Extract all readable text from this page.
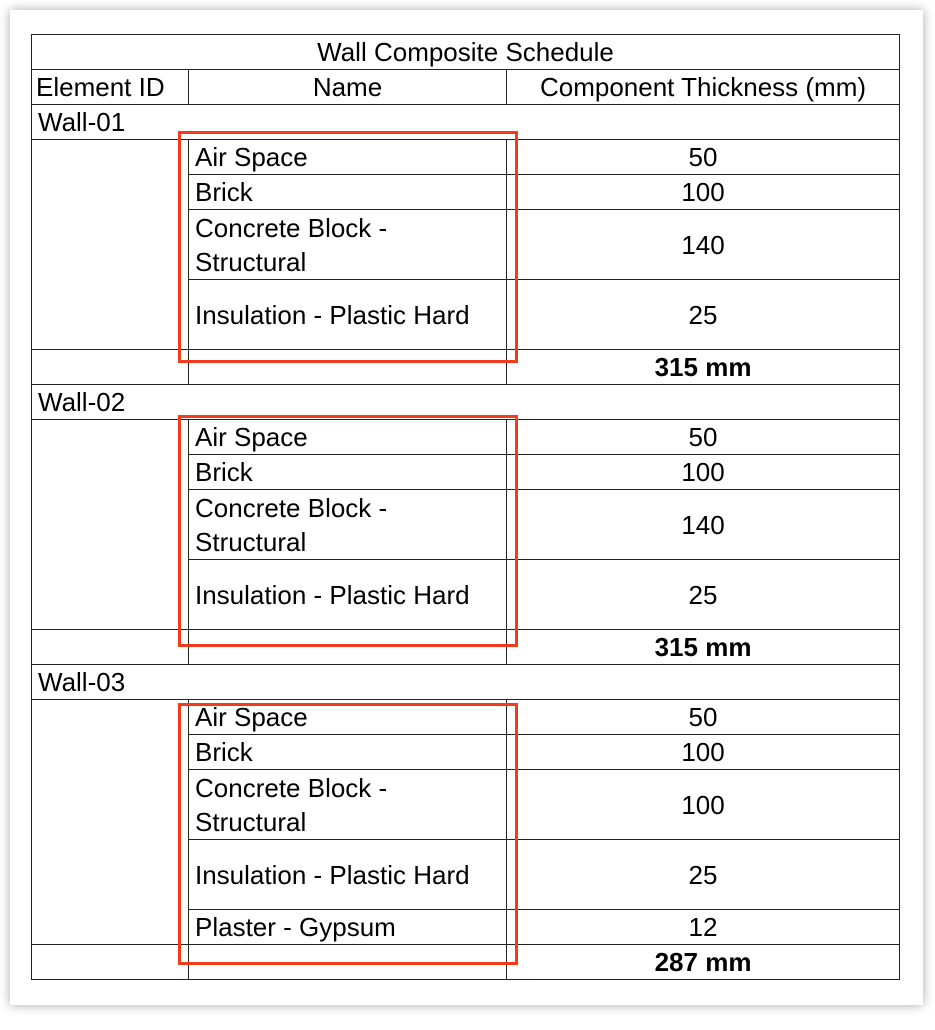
Wall Composite Schedule		
Element ID	Name	Component Thickness (mm)
Wall-01		
	Air Space	50
	Brick	100
	Concrete Block - Structural	140
	Insulation - Plastic Hard	25
		315 mm
Wall-02		
	Air Space	50
	Brick	100
	Concrete Block - Structural	140
	Insulation - Plastic Hard	25
		315 mm
Wall-03		
	Air Space	50
	Brick	100
	Concrete Block - Structural	100
	Insulation - Plastic Hard	25
	Plaster - Gypsum	12
		287 mm
